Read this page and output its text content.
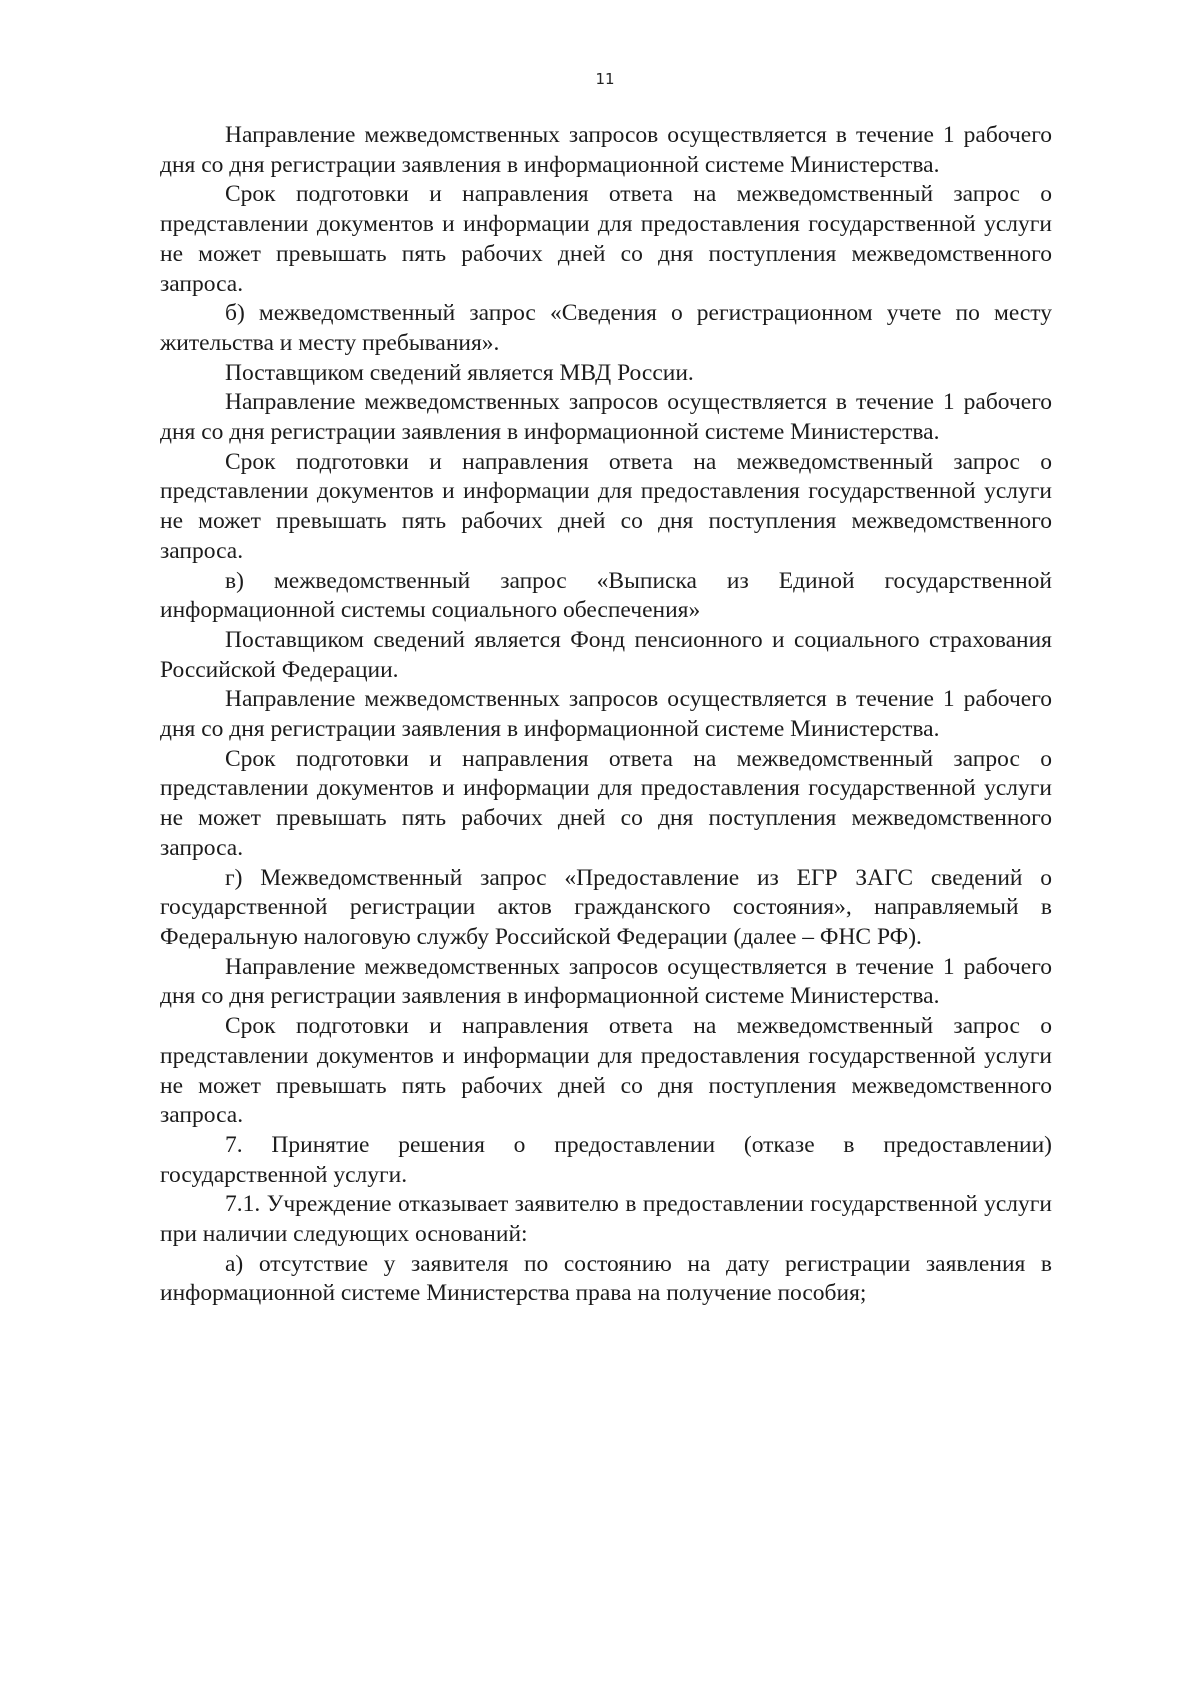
11

Направление межведомственных запросов осуществляется в течение 1 рабочего дня со дня регистрации заявления в информационной системе Министерства.

Срок подготовки и направления ответа на межведомственный запрос о представлении документов и информации для предоставления государственной услуги не может превышать пять рабочих дней со дня поступления межведомственного запроса.

б) межведомственный запрос «Сведения о регистрационном учете по месту жительства и месту пребывания».

Поставщиком сведений является МВД России.

Направление межведомственных запросов осуществляется в течение 1 рабочего дня со дня регистрации заявления в информационной системе Министерства.

Срок подготовки и направления ответа на межведомственный запрос о представлении документов и информации для предоставления государственной услуги не может превышать пять рабочих дней со дня поступления межведомственного запроса.

в) межведомственный запрос «Выписка из Единой государственной информационной системы социального обеспечения»

Поставщиком сведений является Фонд пенсионного и социального страхования Российской Федерации.

Направление межведомственных запросов осуществляется в течение 1 рабочего дня со дня регистрации заявления в информационной системе Министерства.

Срок подготовки и направления ответа на межведомственный запрос о представлении документов и информации для предоставления государственной услуги не может превышать пять рабочих дней со дня поступления межведомственного запроса.

г) Межведомственный запрос «Предоставление из ЕГР ЗАГС сведений о государственной регистрации актов гражданского состояния», направляемый в Федеральную налоговую службу Российской Федерации (далее – ФНС РФ).

Направление межведомственных запросов осуществляется в течение 1 рабочего дня со дня регистрации заявления в информационной системе Министерства.

Срок подготовки и направления ответа на межведомственный запрос о представлении документов и информации для предоставления государственной услуги не может превышать пять рабочих дней со дня поступления межведомственного запроса.

7. Принятие решения о предоставлении (отказе в предоставлении) государственной услуги.

7.1. Учреждение отказывает заявителю в предоставлении государственной услуги при наличии следующих оснований:

а) отсутствие у заявителя по состоянию на дату регистрации заявления в информационной системе Министерства права на получение пособия;
